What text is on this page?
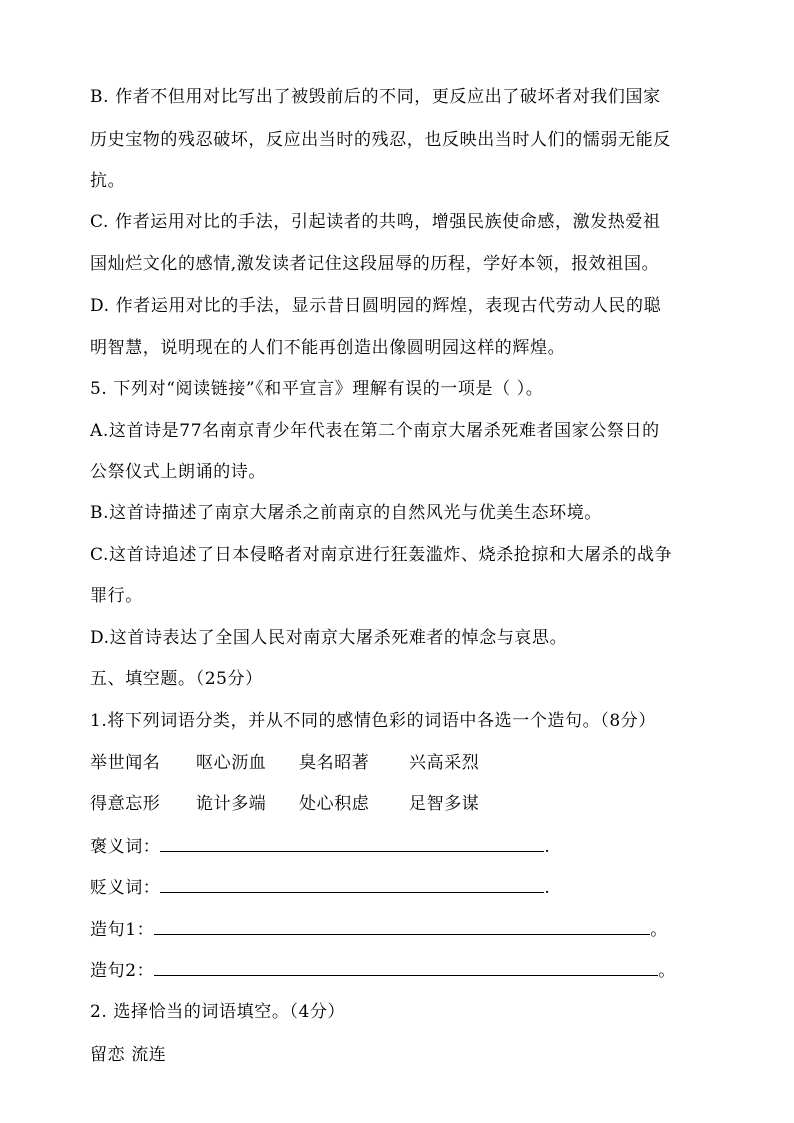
B. 作者不但用对比写出了被毁前后的不同，更反应出了破坏者对我们国家
历史宝物的残忍破坏，反应出当时的残忍，也反映出当时人们的懦弱无能反
抗。
C. 作者运用对比的手法，引起读者的共鸣，增强民族使命感，激发热爱祖
国灿烂文化的感情,激发读者记住这段屈辱的历程，学好本领，报效祖国。
D. 作者运用对比的手法，显示昔日圆明园的辉煌，表现古代劳动人民的聪
明智慧，说明现在的人们不能再创造出像圆明园这样的辉煌。
5. 下列对“阅读链接”《和平宣言》理解有误的一项是（ ）。
A.这首诗是77名南京青少年代表在第二个南京大屠杀死难者国家公祭日的
公祭仪式上朗诵的诗。
B.这首诗描述了南京大屠杀之前南京的自然风光与优美生态环境。
C.这首诗追述了日本侵略者对南京进行狂轰滥炸、烧杀抢掠和大屠杀的战争
罪行。
D.这首诗表达了全国人民对南京大屠杀死难者的悼念与哀思。
五、填空题。（25分）
1.将下列词语分类，并从不同的感情色彩的词语中各选一个造句。（8分）
举世闻名 呕心沥血 臭名昭著 兴高采烈
得意忘形 诡计多端 处心积虑 足智多谋
褒义词：	.
贬义词：	.
造句1：	。
造句2：	。
2. 选择恰当的词语填空。（4分）
留恋 流连
